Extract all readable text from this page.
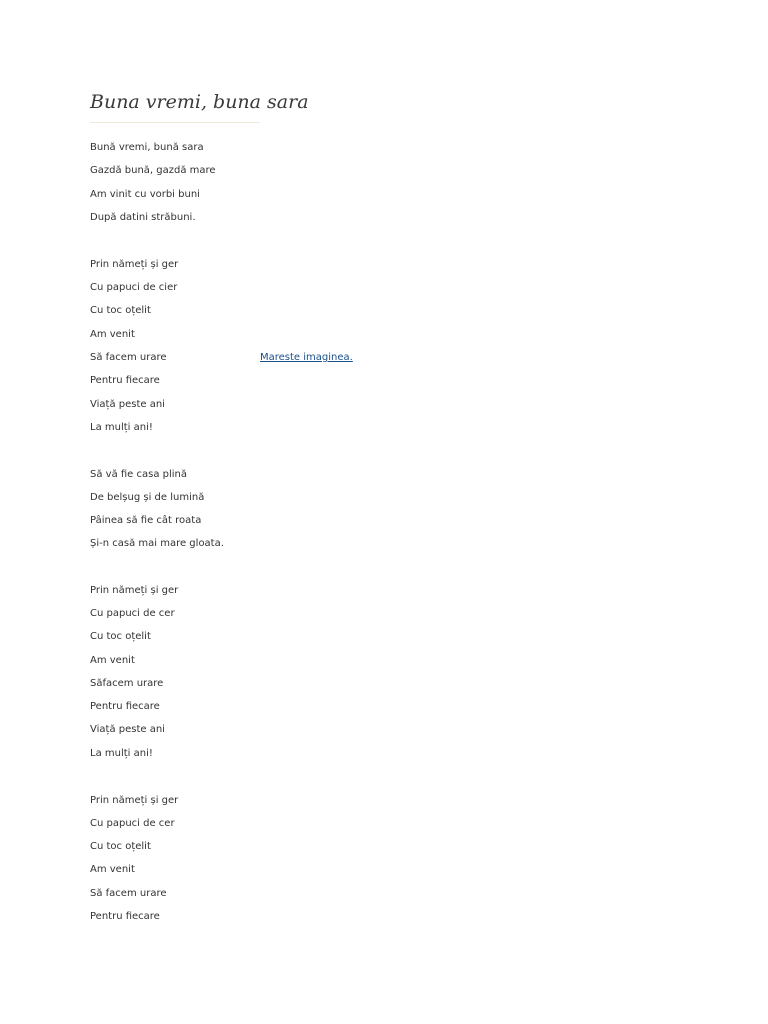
Buna vremi, buna sara
Bună vremi, bună sara
Gazdă bună, gazdă mare
Am vinit cu vorbi buni
După datini străbuni.
Prin nămeți și ger
Cu papuci de cier
Cu toc oțelit
Am venit
Să facem urare
Pentru fiecare
Viață peste ani
La mulți ani!
Să vă fie casa plină
De belșug și de lumină
Pâinea să fie cât roata
Și-n casă mai mare gloata.
Prin nămeți și ger
Cu papuci de cer
Cu toc oțelit
Am venit
Săfacem urare
Pentru fiecare
Viață peste ani
La mulți ani!
Prin nămeți și ger
Cu papuci de cer
Cu toc oțelit
Am venit
Să facem urare
Pentru fiecare
Mareste imaginea.
